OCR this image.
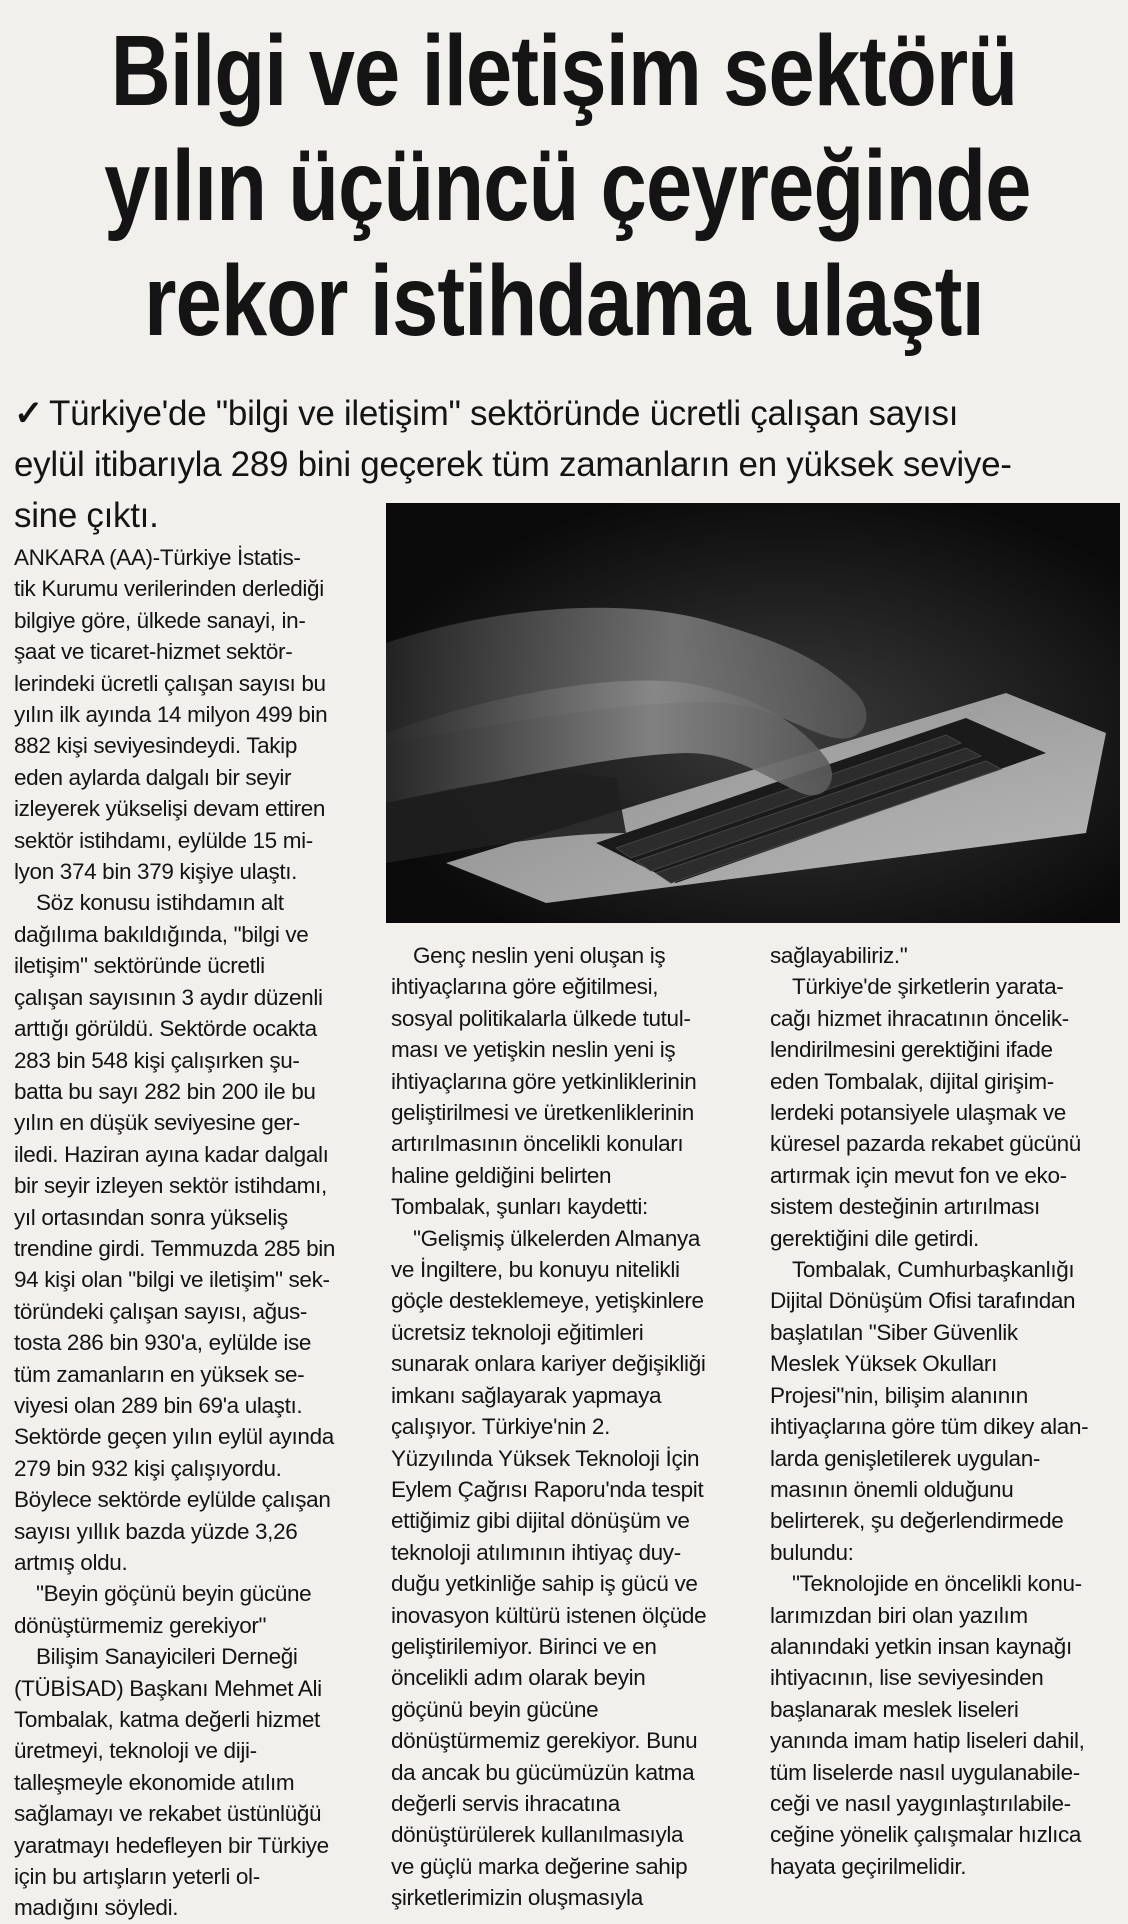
Bilgi ve iletişim sektörü
yılın üçüncü çeyreğinde
rekor istihdama ulaştı
✓ Türkiye'de "bilgi ve iletişim" sektöründe ücretli çalışan sayısı
eylül itibarıyla 289 bini geçerek tüm zamanların en yüksek seviye-
sine çıktı.
ANKARA (AA)-Türkiye İstatis-
tik Kurumu verilerinden derlediği
bilgiye göre, ülkede sanayi, in-
şaat ve ticaret-hizmet sektör-
lerindeki ücretli çalışan sayısı bu
yılın ilk ayında 14 milyon 499 bin
882 kişi seviyesindeydi. Takip
eden aylarda dalgalı bir seyir
izleyerek yükselişi devam ettiren
sektör istihdamı, eylülde 15 mi-
lyon 374 bin 379 kişiye ulaştı.
Söz konusu istihdamın alt
dağılıma bakıldığında, "bilgi ve
iletişim" sektöründe ücretli
çalışan sayısının 3 aydır düzenli
arttığı görüldü. Sektörde ocakta
283 bin 548 kişi çalışırken şu-
batta bu sayı 282 bin 200 ile bu
yılın en düşük seviyesine ger-
iledi. Haziran ayına kadar dalgalı
bir seyir izleyen sektör istihdamı,
yıl ortasından sonra yükseliş
trendine girdi. Temmuzda 285 bin
94 kişi olan "bilgi ve iletişim" sek-
töründeki çalışan sayısı, ağus-
tosta 286 bin 930'a, eylülde ise
tüm zamanların en yüksek se-
viyesi olan 289 bin 69'a ulaştı.
Sektörde geçen yılın eylül ayında
279 bin 932 kişi çalışıyordu.
Böylece sektörde eylülde çalışan
sayısı yıllık bazda yüzde 3,26
artmış oldu.
"Beyin göçünü beyin gücüne
dönüştürmemiz gerekiyor"
Bilişim Sanayicileri Derneği
(TÜBİSAD) Başkanı Mehmet Ali
Tombalak, katma değerli hizmet
üretmeyi, teknoloji ve diji-
talleşmeyle ekonomide atılım
sağlamayı ve rekabet üstünlüğü
yaratmayı hedefleyen bir Türkiye
için bu artışların yeterli ol-
madığını söyledi.
Genç neslin yeni oluşan iş
ihtiyaçlarına göre eğitilmesi,
sosyal politikalarla ülkede tutul-
ması ve yetişkin neslin yeni iş
ihtiyaçlarına göre yetkinliklerinin
geliştirilmesi ve üretkenliklerinin
artırılmasının öncelikli konuları
haline geldiğini belirten
Tombalak, şunları kaydetti:
"Gelişmiş ülkelerden Almanya
ve İngiltere, bu konuyu nitelikli
göçle desteklemeye, yetişkinlere
ücretsiz teknoloji eğitimleri
sunarak onlara kariyer değişikliği
imkanı sağlayarak yapmaya
çalışıyor. Türkiye'nin 2.
Yüzyılında Yüksek Teknoloji İçin
Eylem Çağrısı Raporu'nda tespit
ettiğimiz gibi dijital dönüşüm ve
teknoloji atılımının ihtiyaç duy-
duğu yetkinliğe sahip iş gücü ve
inovasyon kültürü istenen ölçüde
geliştirilemiyor. Birinci ve en
öncelikli adım olarak beyin
göçünü beyin gücüne
dönüştürmemiz gerekiyor. Bunu
da ancak bu gücümüzün katma
değerli servis ihracatına
dönüştürülerek kullanılmasıyla
ve güçlü marka değerine sahip
şirketlerimizin oluşmasıyla
sağlayabiliriz."
Türkiye'de şirketlerin yarata-
cağı hizmet ihracatının öncelik-
lendirilmesini gerektiğini ifade
eden Tombalak, dijital girişim-
lerdeki potansiyele ulaşmak ve
küresel pazarda rekabet gücünü
artırmak için mevut fon ve eko-
sistem desteğinin artırılması
gerektiğini dile getirdi.
Tombalak, Cumhurbaşkanlığı
Dijital Dönüşüm Ofisi tarafından
başlatılan "Siber Güvenlik
Meslek Yüksek Okulları
Projesi"nin, bilişim alanının
ihtiyaçlarına göre tüm dikey alan-
larda genişletilerek uygulan-
masının önemli olduğunu
belirterek, şu değerlendirmede
bulundu:
"Teknolojide en öncelikli konu-
larımızdan biri olan yazılım
alanındaki yetkin insan kaynağı
ihtiyacının, lise seviyesinden
başlanarak meslek liseleri
yanında imam hatip liseleri dahil,
tüm liselerde nasıl uygulanabile-
ceği ve nasıl yaygınlaştırılabile-
ceğine yönelik çalışmalar hızlıca
hayata geçirilmelidir.
